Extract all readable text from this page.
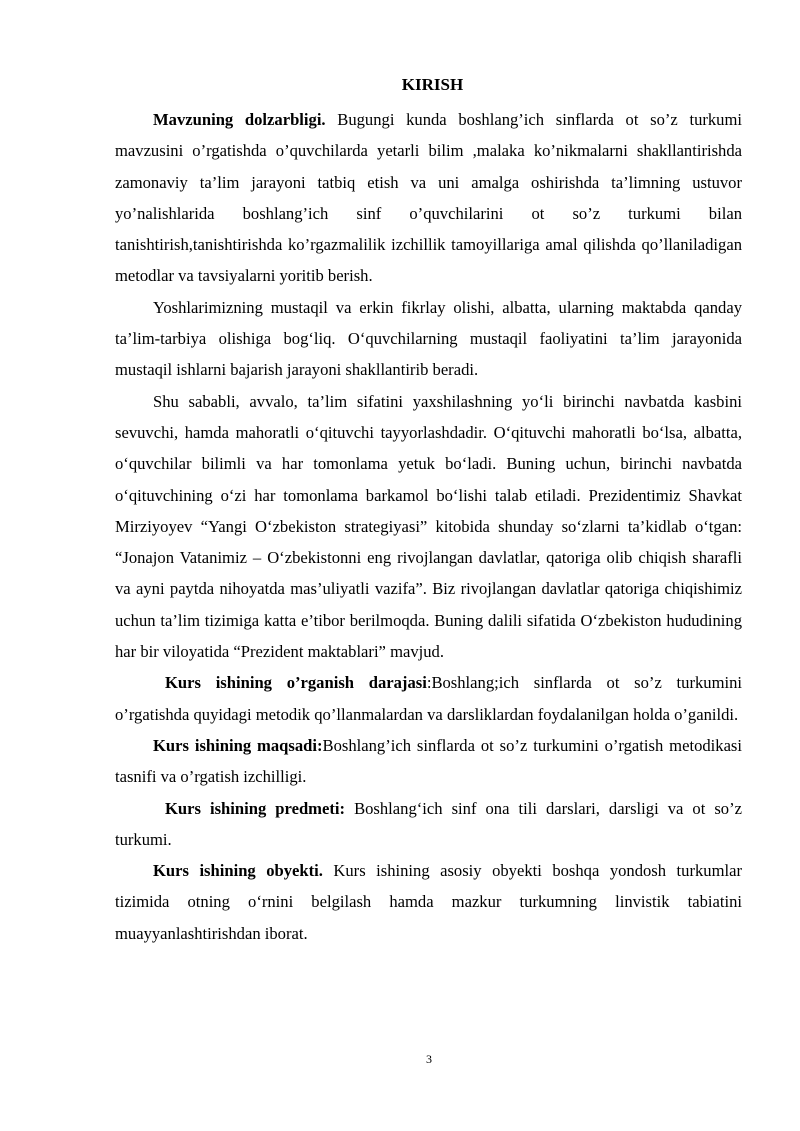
KIRISH

Mavzuning dolzarbligi. Bugungi kunda boshlang’ich sinflarda ot so’z turkumi mavzusini o’rgatishda o’quvchilarda yetarli bilim ,malaka ko’nikmalarni shakllantirishda zamonaviy ta’lim jarayoni tatbiq etish va uni amalga oshirishda ta’limning ustuvor yo’nalishlarida boshlang’ich sinf o’quvchilarini ot so’z turkumi bilan tanishtirish,tanishtirishda ko’rgazmalilik izchillik tamoyillariga amal qilishda qo’llaniladigan metodlar va tavsiyalarni yoritib berish.

Yoshlarimizning mustaqil va erkin fikrlay olishi, albatta, ularning maktabda qanday ta’lim-tarbiya olishiga bog‘liq. O‘quvchilarning mustaqil faoliyatini ta’lim jarayonida mustaqil ishlarni bajarish jarayoni shakllantirib beradi.

Shu sababli, avvalo, ta’lim sifatini yaxshilashning yo‘li birinchi navbatda kasbini sevuvchi, hamda mahoratli o‘qituvchi tayyorlashdadir. O‘qituvchi mahoratli bo‘lsa, albatta, o‘quvchilar bilimli va har tomonlama yetuk bo‘ladi. Buning uchun, birinchi navbatda o‘qituvchining o‘zi har tomonlama barkamol bo‘lishi talab etiladi. Prezidentimiz Shavkat Mirziyoyev “Yangi O‘zbekiston strategiyasi” kitobida shunday so‘zlarni ta’kidlab o‘tgan: “Jonajon Vatanimiz – O‘zbekistonni eng rivojlangan davlatlar, qatoriga olib chiqish sharafli va ayni paytda nihoyatda mas’uliyatli vazifa”. Biz rivojlangan davlatlar qatoriga chiqishimiz uchun ta’lim tizimiga katta e’tibor berilmoqda. Buning dalili sifatida O‘zbekiston hududining har bir viloyatida “Prezident maktablari” mavjud.

Kurs ishining o’rganish darajasi:Boshlang;ich sinflarda ot so’z turkumini o’rgatishda quyidagi metodik qo’llanmalardan va darsliklardan foydalanilgan holda o’ganildi.

Kurs ishining maqsadi:Boshlang’ich sinflarda ot so’z turkumini o’rgatish metodikasi tasnifi va o’rgatish izchilligi.

Kurs ishining predmeti: Boshlang‘ich sinf ona tili darslari, darsligi va ot so’z turkumi.

Kurs ishining obyekti. Kurs ishining asosiy obyekti boshqa yondosh turkumlar tizimida otning o‘rnini belgilash hamda mazkur turkumning linvistik tabiatini muayyanlashtirishdan iborat.

3
